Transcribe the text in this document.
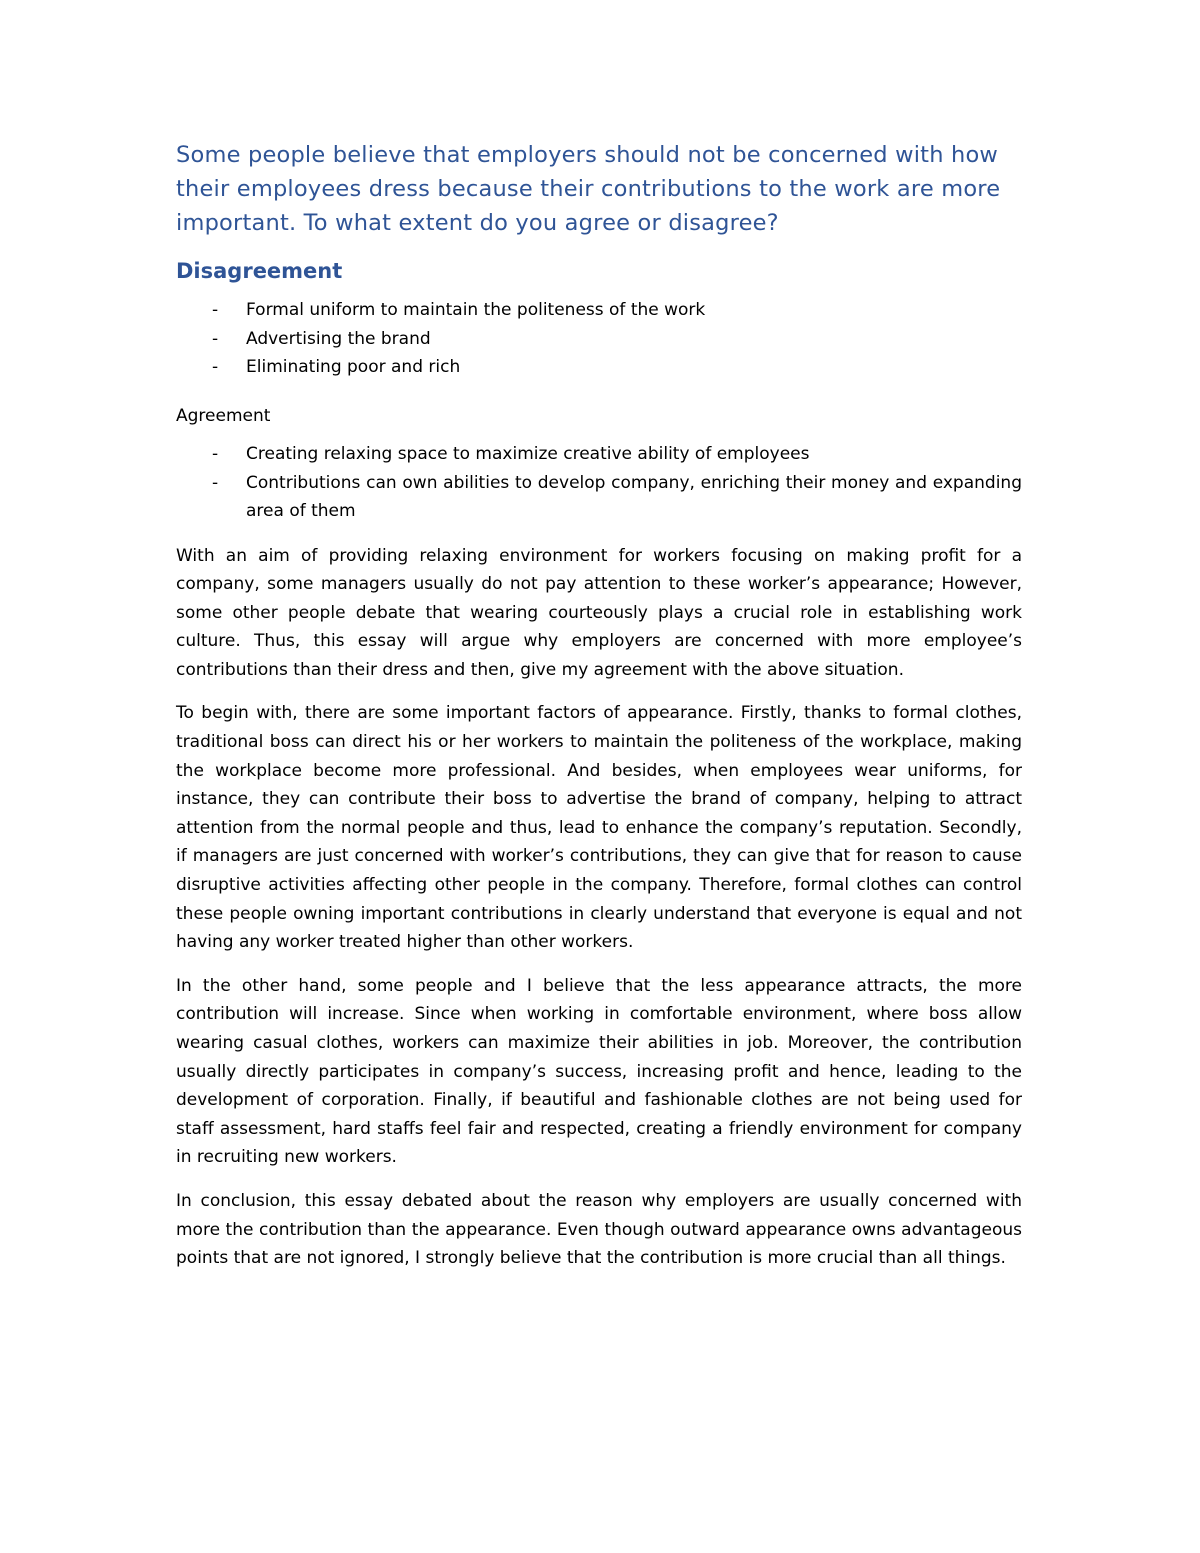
Some people believe that employers should not be concerned with how their employees dress because their contributions to the work are more important. To what extent do you agree or disagree?

Disagreement
- Formal uniform to maintain the politeness of the work
- Advertising the brand
- Eliminating poor and rich

Agreement

- Creating relaxing space to maximize creative ability of employees
- Contributions can own abilities to develop company, enriching their money and expanding area of them

With an aim of providing relaxing environment for workers focusing on making profit for a company, some managers usually do not pay attention to these worker’s appearance; However, some other people debate that wearing courteously plays a crucial role in establishing work culture. Thus, this essay will argue why employers are concerned with more employee’s contributions than their dress and then, give my agreement with the above situation.

To begin with, there are some important factors of appearance. Firstly, thanks to formal clothes, traditional boss can direct his or her workers to maintain the politeness of the workplace, making the workplace become more professional. And besides, when employees wear uniforms, for instance, they can contribute their boss to advertise the brand of company, helping to attract attention from the normal people and thus, lead to enhance the company’s reputation. Secondly, if managers are just concerned with worker’s contributions, they can give that for reason to cause disruptive activities affecting other people in the company. Therefore, formal clothes can control these people owning important contributions in clearly understand that everyone is equal and not having any worker treated higher than other workers.

In the other hand, some people and I believe that the less appearance attracts, the more contribution will increase. Since when working in comfortable environment, where boss allow wearing casual clothes, workers can maximize their abilities in job. Moreover, the contribution usually directly participates in company’s success, increasing profit and hence, leading to the development of corporation. Finally, if beautiful and fashionable clothes are not being used for staff assessment, hard staffs feel fair and respected, creating a friendly environment for company in recruiting new workers.

In conclusion, this essay debated about the reason why employers are usually concerned with more the contribution than the appearance. Even though outward appearance owns advantageous points that are not ignored, I strongly believe that the contribution is more crucial than all things.
